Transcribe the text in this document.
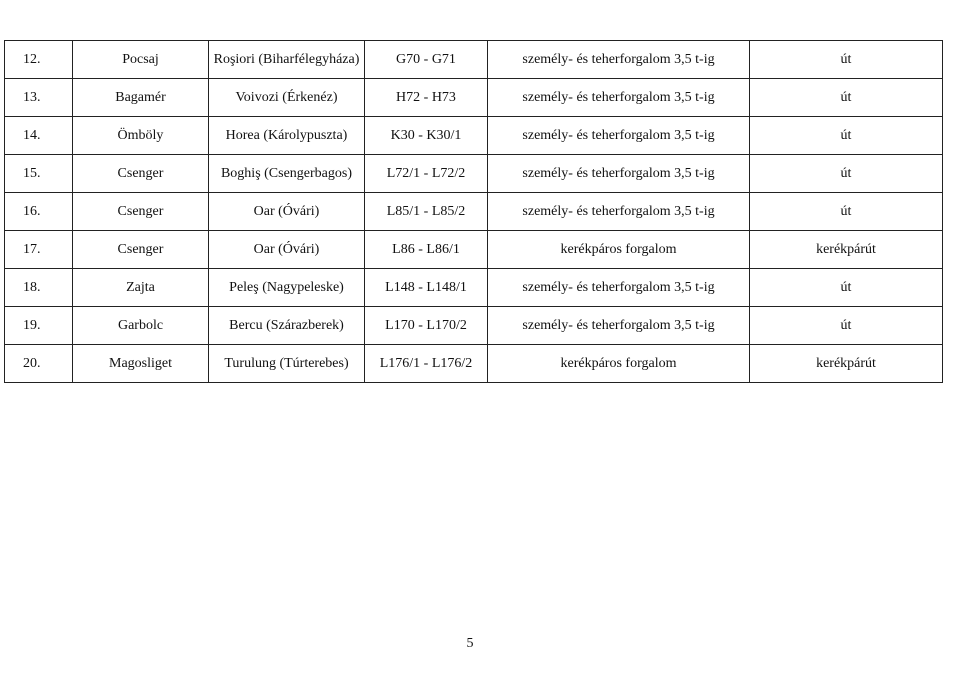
12.	Pocsaj	Roşiori (Biharfélegyháza)	G70 - G71	személy- és teherforgalom 3,5 t-ig	út
13.	Bagamér	Voivozi (Érkenéz)	H72 - H73	személy- és teherforgalom 3,5 t-ig	út
14.	Ömböly	Horea (Károlypuszta)	K30 - K30/1	személy- és teherforgalom 3,5 t-ig	út
15.	Csenger	Boghiş (Csengerbagos)	L72/1 - L72/2	személy- és teherforgalom 3,5 t-ig	út
16.	Csenger	Oar (Óvári)	L85/1 - L85/2	személy- és teherforgalom 3,5 t-ig	út
17.	Csenger	Oar (Óvári)	L86 - L86/1	kerékpáros forgalom	kerékpárút
18.	Zajta	Peleş (Nagypeleske)	L148 - L148/1	személy- és teherforgalom 3,5 t-ig	út
19.	Garbolc	Bercu (Szárazberek)	L170 - L170/2	személy- és teherforgalom 3,5 t-ig	út
20.	Magosliget	Turulung (Túrterebes)	L176/1 - L176/2	kerékpáros forgalom	kerékpárút
5
